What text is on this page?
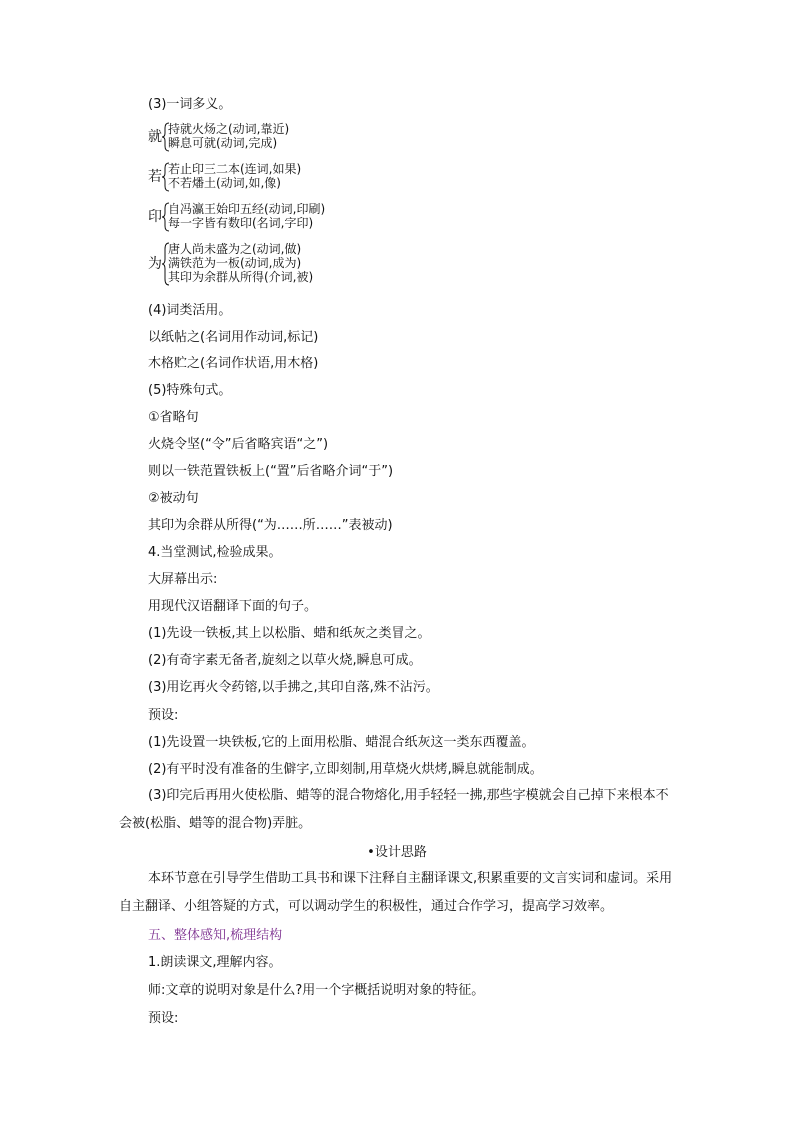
(3)一词多义。
就 持就火炀之(动词,靠近)
瞬息可就(动词,完成)
若 若止印三二本(连词,如果)
不若燔土(动词,如,像)
印 自冯瀛王始印五经(动词,印刷)
每一字皆有数印(名词,字印)
为
唐人尚未盛为之(动词,做)
满铁范为一板(动词,成为)
其印为余群从所得(介词,被)
(4)词类活用。
以纸帖之(名词用作动词,标记)
木格贮之(名词作状语,用木格)
(5)特殊句式。
①省略句
火烧令坚(“令”后省略宾语“之”)
则以一铁范置铁板上(“置”后省略介词“于”)
②被动句
其印为余群从所得(“为……所……”表被动)
4.当堂测试,检验成果。
大屏幕出示:
用现代汉语翻译下面的句子。
(1)先设一铁板,其上以松脂、蜡和纸灰之类冒之。
(2)有奇字素无备者,旋刻之以草火烧,瞬息可成。
(3)用讫再火令药镕,以手拂之,其印自落,殊不沾污。
预设:
(1)先设置一块铁板,它的上面用松脂、蜡混合纸灰这一类东西覆盖。
(2)有平时没有准备的生僻字,立即刻制,用草烧火烘烤,瞬息就能制成。
(3)印完后再用火使松脂、蜡等的混合物熔化,用手轻轻一拂,那些字模就会自己掉下来根本不会被(松脂、蜡等的混合物)弄脏。
•设计思路
本环节意在引导学生借助工具书和课下注释自主翻译课文,积累重要的文言实词和虚词。采用自主翻译、小组答疑的方式，可以调动学生的积极性，通过合作学习，提高学习效率。
五、整体感知,梳理结构
1.朗读课文,理解内容。
师:文章的说明对象是什么?用一个字概括说明对象的特征。
预设:
